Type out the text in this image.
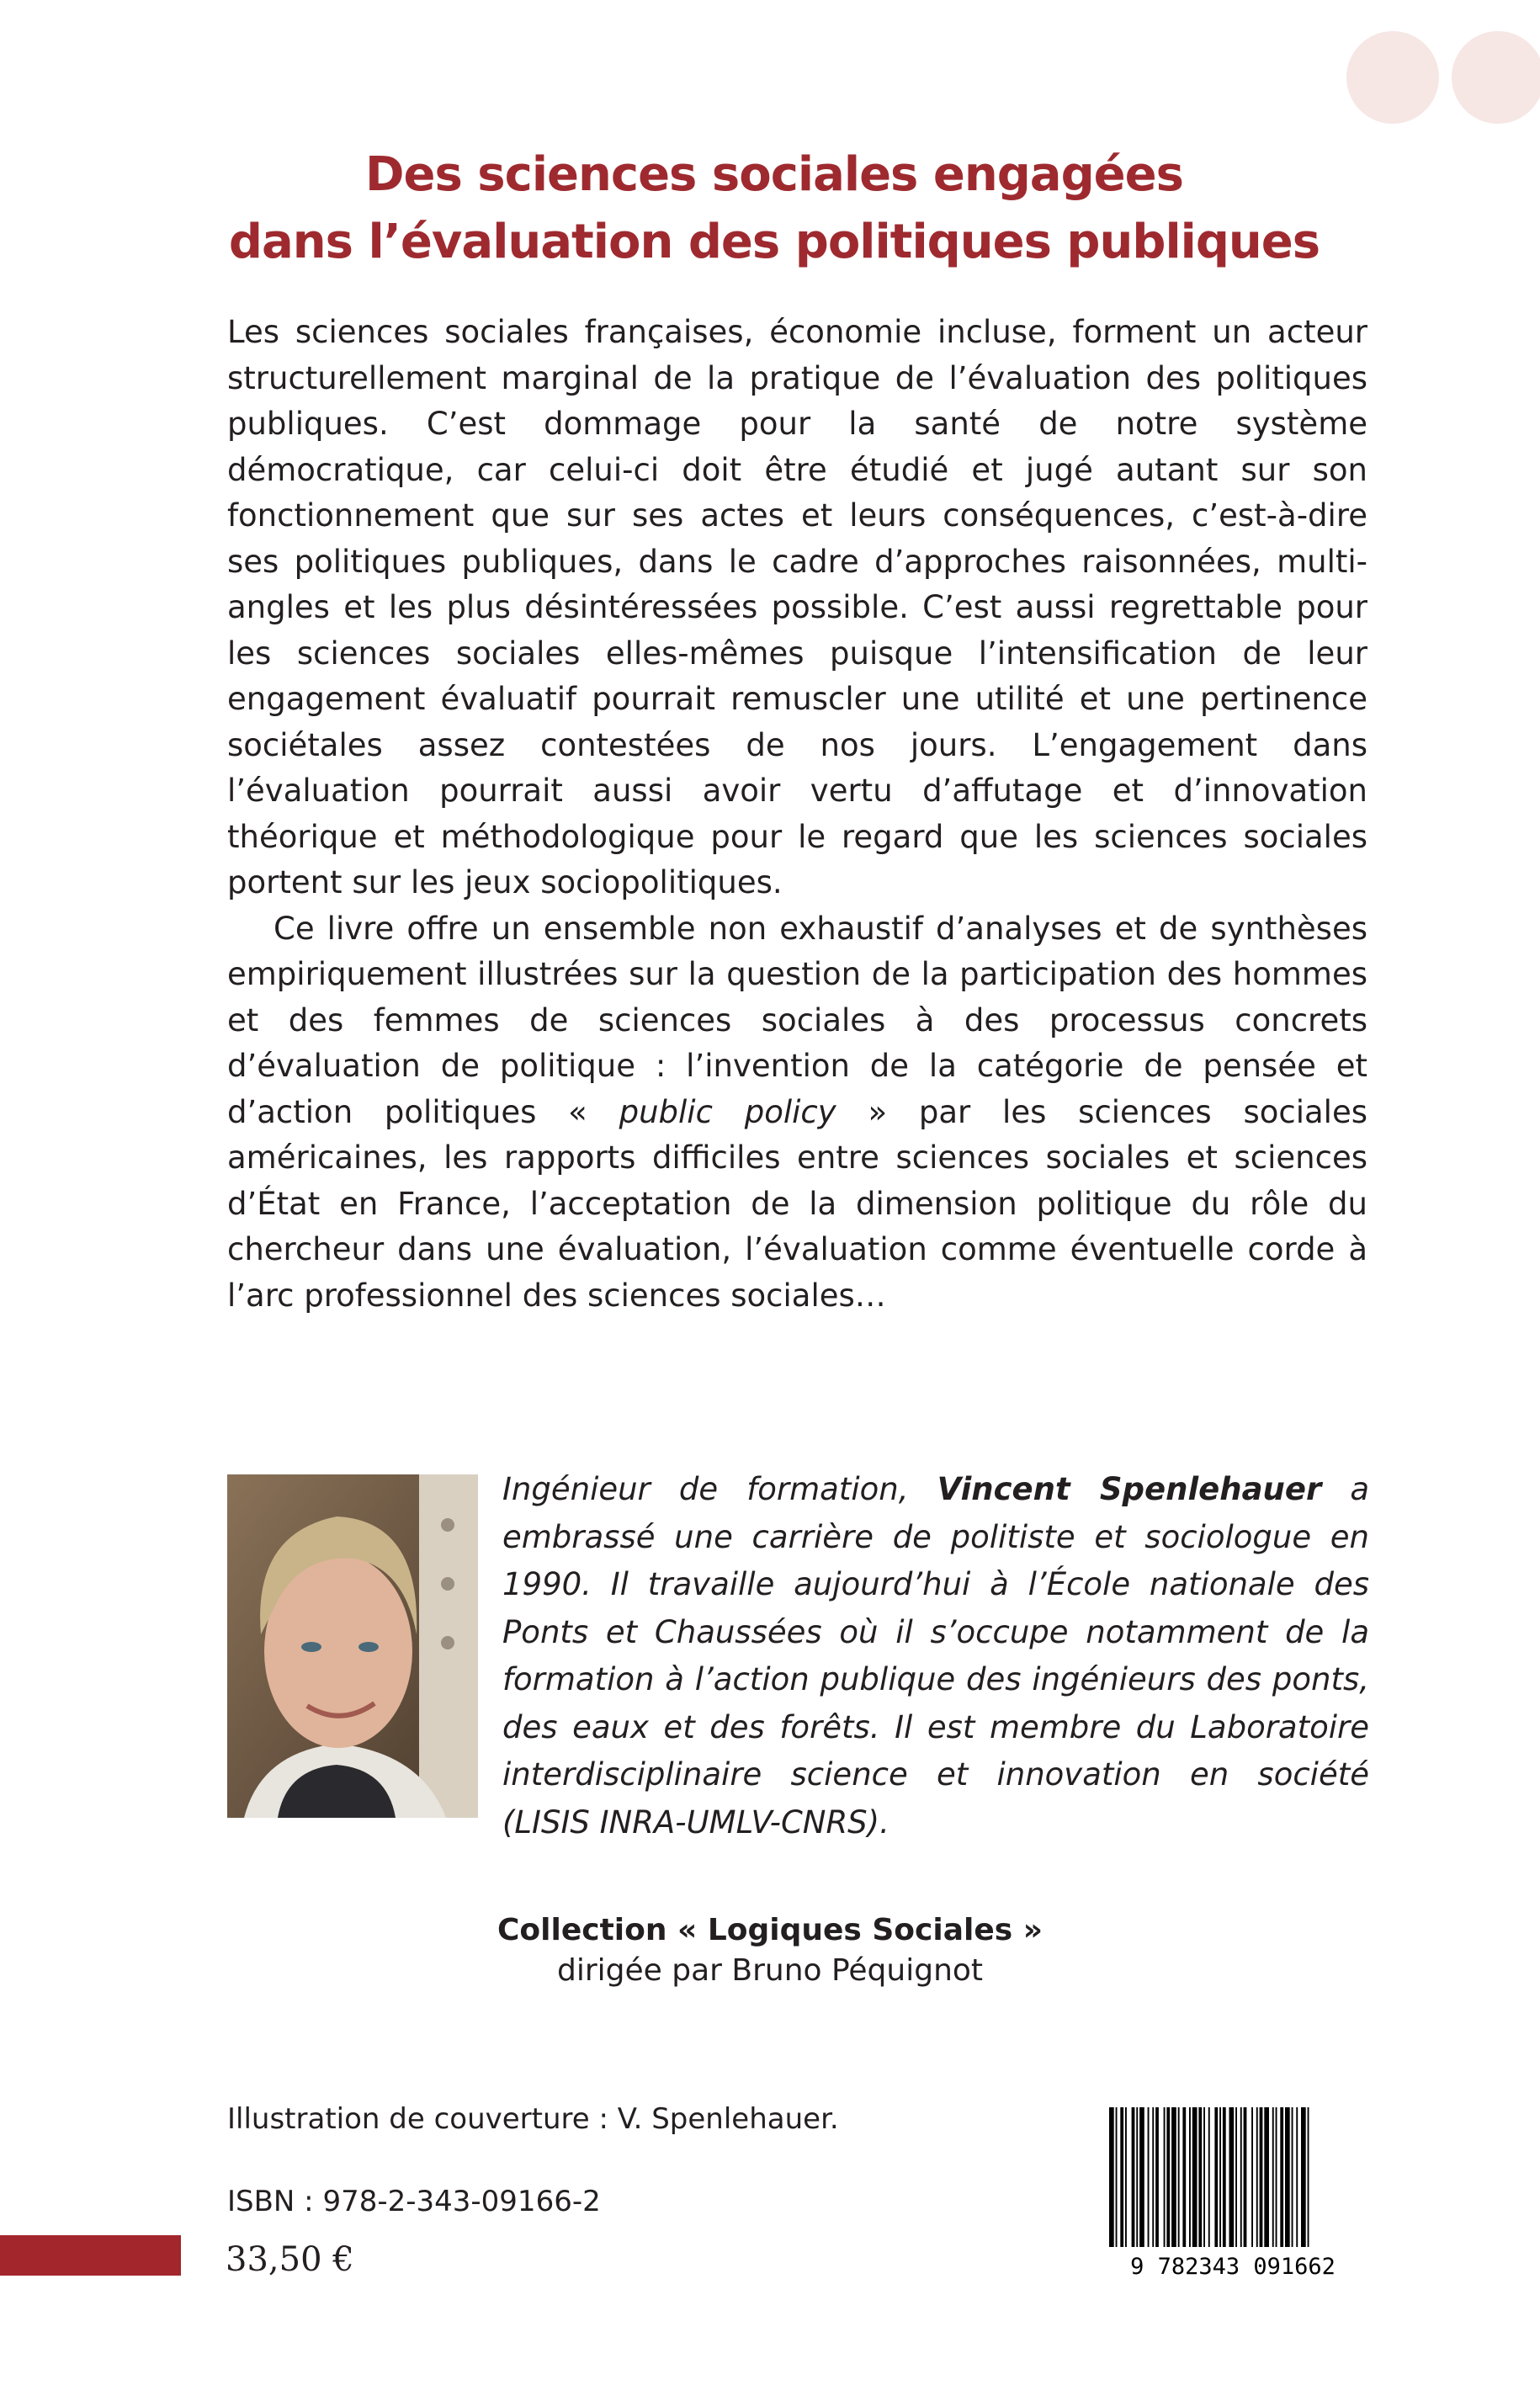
Des sciences sociales engagées
dans l’évaluation des politiques publiques

Les sciences sociales françaises, économie incluse, forment un acteur structurellement marginal de la pratique de l’évaluation des politiques publiques. C’est dommage pour la santé de notre système démocratique, car celui-ci doit être étudié et jugé autant sur son fonctionnement que sur ses actes et leurs conséquences, c’est-à-dire ses politiques publiques, dans le cadre d’approches raisonnées, multi-angles et les plus désintéressées possible. C’est aussi regrettable pour les sciences sociales elles-mêmes puisque l’intensification de leur engagement évaluatif pourrait remuscler une utilité et une pertinence sociétales assez contestées de nos jours. L’engagement dans l’évaluation pourrait aussi avoir vertu d’affutage et d’innovation théorique et méthodologique pour le regard que les sciences sociales portent sur les jeux sociopolitiques.

Ce livre offre un ensemble non exhaustif d’analyses et de synthèses empiriquement illustrées sur la question de la participation des hommes et des femmes de sciences sociales à des processus concrets d’évaluation de politique : l’invention de la catégorie de pensée et d’action politiques « public policy » par les sciences sociales américaines, les rapports difficiles entre sciences sociales et sciences d’État en France, l’acceptation de la dimension politique du rôle du chercheur dans une évaluation, l’évaluation comme éventuelle corde à l’arc professionnel des sciences sociales…

Ingénieur de formation, Vincent Spenlehauer a embrassé une carrière de politiste et sociologue en 1990. Il travaille aujourd’hui à l’École nationale des Ponts et Chaussées où il s’occupe notamment de la formation à l’action publique des ingénieurs des ponts, des eaux et des forêts. Il est membre du Laboratoire interdisciplinaire science et innovation en société (LISIS INRA-UMLV-CNRS).
Collection « Logiques Sociales »
dirigée par Bruno Péquignot
Illustration de couverture : V. Spenlehauer.
ISBN : 978-2-343-09166-2
33,50 €	9 782343 091662
